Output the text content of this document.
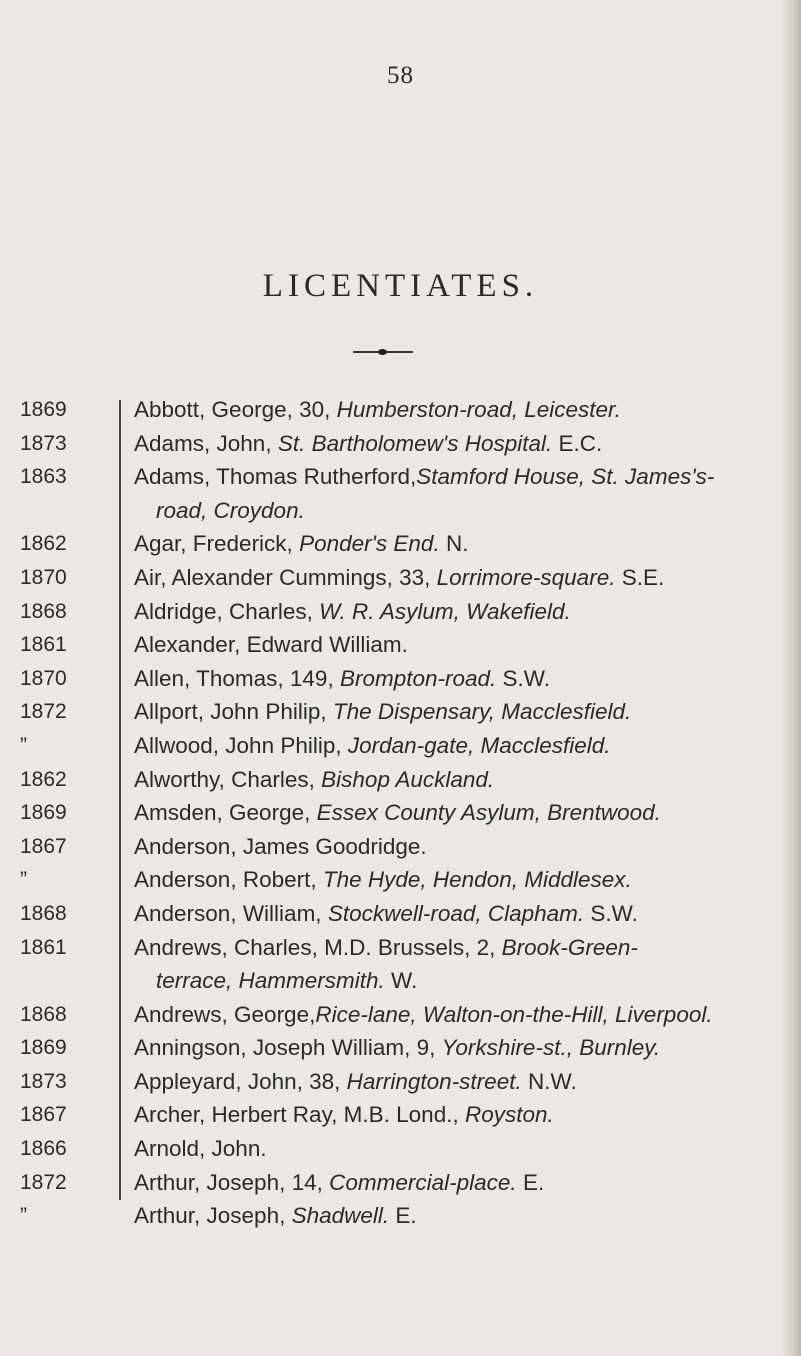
58
LICENTIATES.
1869	Abbott, George, 30, Humberston-road, Leicester.
1873	Adams, John, St. Bartholomew's Hospital. E.C.
1863	Adams, Thomas Rutherford,Stamford House, St. James's-
road, Croydon.
1862	Agar, Frederick, Ponder's End. N.
1870	Air, Alexander Cummings, 33, Lorrimore-square. S.E.
1868	Aldridge, Charles, W. R. Asylum, Wakefield.
1861	Alexander, Edward William.
1870	Allen, Thomas, 149, Brompton-road. S.W.
1872	Allport, John Philip, The Dispensary, Macclesfield.
”	Allwood, John Philip, Jordan-gate, Macclesfield.
1862	Alworthy, Charles, Bishop Auckland.
1869	Amsden, George, Essex County Asylum, Brentwood.
1867	Anderson, James Goodridge.
”	Anderson, Robert, The Hyde, Hendon, Middlesex.
1868	Anderson, William, Stockwell-road, Clapham. S.W.
1861	Andrews, Charles, M.D. Brussels, 2, Brook-Green-
terrace, Hammersmith. W.
1868	Andrews, George,Rice-lane, Walton-on-the-Hill, Liverpool.
1869	Anningson, Joseph William, 9, Yorkshire-st., Burnley.
1873	Appleyard, John, 38, Harrington-street. N.W.
1867	Archer, Herbert Ray, M.B. Lond., Royston.
1866	Arnold, John.
1872	Arthur, Joseph, 14, Commercial-place. E.
”	Arthur, Joseph, Shadwell. E.
